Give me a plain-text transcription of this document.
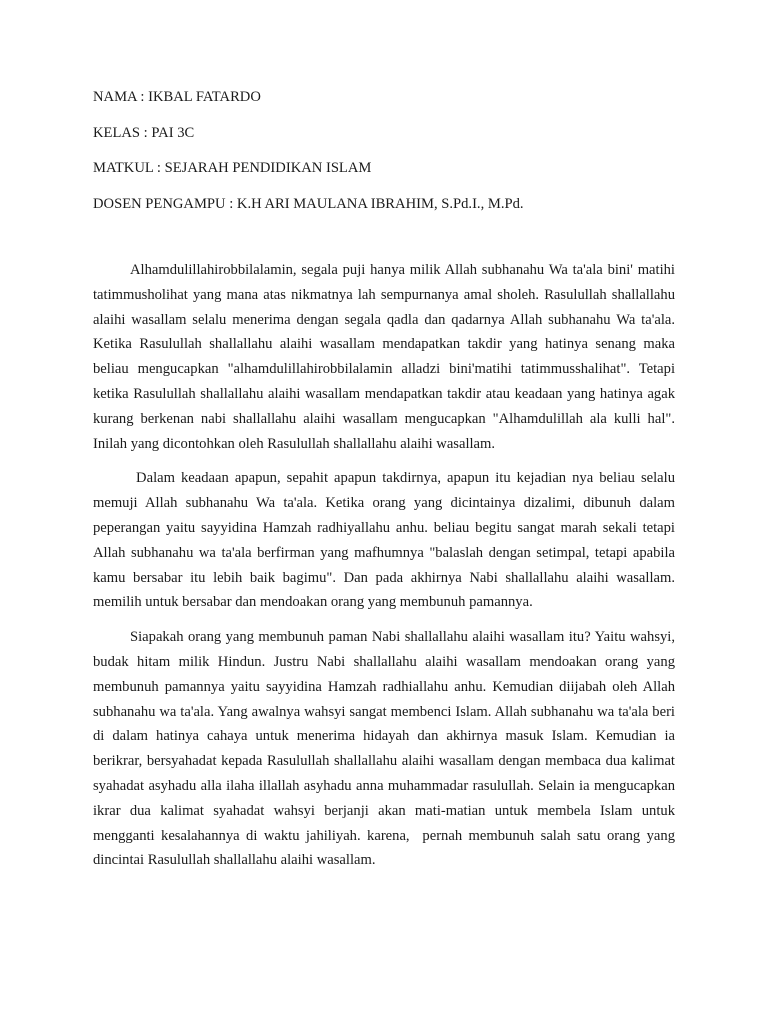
NAMA : IKBAL FATARDO
KELAS : PAI 3C
MATKUL : SEJARAH PENDIDIKAN ISLAM
DOSEN PENGAMPU : K.H ARI MAULANA IBRAHIM, S.Pd.I., M.Pd.

Alhamdulillahirobbilalamin, segala puji hanya milik Allah subhanahu Wa ta'ala bini' matihi tatimmusholihat yang mana atas nikmatnya lah sempurnanya amal sholeh. Rasulullah shallallahu alaihi wasallam selalu menerima dengan segala qadla dan qadarnya Allah subhanahu Wa ta'ala. Ketika Rasulullah shallallahu alaihi wasallam mendapatkan takdir yang hatinya senang maka beliau mengucapkan "alhamdulillahirobbilalamin alladzi bini'matihi tatimmusshalihat". Tetapi ketika Rasulullah shallallahu alaihi wasallam mendapatkan takdir atau keadaan yang hatinya agak kurang berkenan nabi shallallahu alaihi wasallam mengucapkan "Alhamdulillah ala kulli hal". Inilah yang dicontohkan oleh Rasulullah shallallahu alaihi wasallam.

Dalam keadaan apapun, sepahit apapun takdirnya, apapun itu kejadian nya beliau selalu memuji Allah subhanahu Wa ta'ala. Ketika orang yang dicintainya dizalimi, dibunuh dalam peperangan yaitu sayyidina Hamzah radhiyallahu anhu. beliau begitu sangat marah sekali tetapi Allah subhanahu wa ta'ala berfirman yang mafhumnya "balaslah dengan setimpal, tetapi apabila kamu bersabar itu lebih baik bagimu". Dan pada akhirnya Nabi shallallahu alaihi wasallam. memilih untuk bersabar dan mendoakan orang yang membunuh pamannya.

Siapakah orang yang membunuh paman Nabi shallallahu alaihi wasallam itu? Yaitu wahsyi, budak hitam milik Hindun. Justru Nabi shallallahu alaihi wasallam mendoakan orang yang membunuh pamannya yaitu sayyidina Hamzah radhiallahu anhu. Kemudian diijabah oleh Allah subhanahu wa ta'ala. Yang awalnya wahsyi sangat membenci Islam. Allah subhanahu wa ta'ala beri di dalam hatinya cahaya untuk menerima hidayah dan akhirnya masuk Islam. Kemudian ia berikrar, bersyahadat kepada Rasulullah shallallahu alaihi wasallam dengan membaca dua kalimat syahadat asyhadu alla ilaha illallah asyhadu anna muhammadar rasulullah. Selain ia mengucapkan ikrar dua kalimat syahadat wahsyi berjanji akan mati-matian untuk membela Islam untuk mengganti kesalahannya di waktu jahiliyah. karena,  pernah membunuh salah satu orang yang dincintai Rasulullah shallallahu alaihi wasallam.
